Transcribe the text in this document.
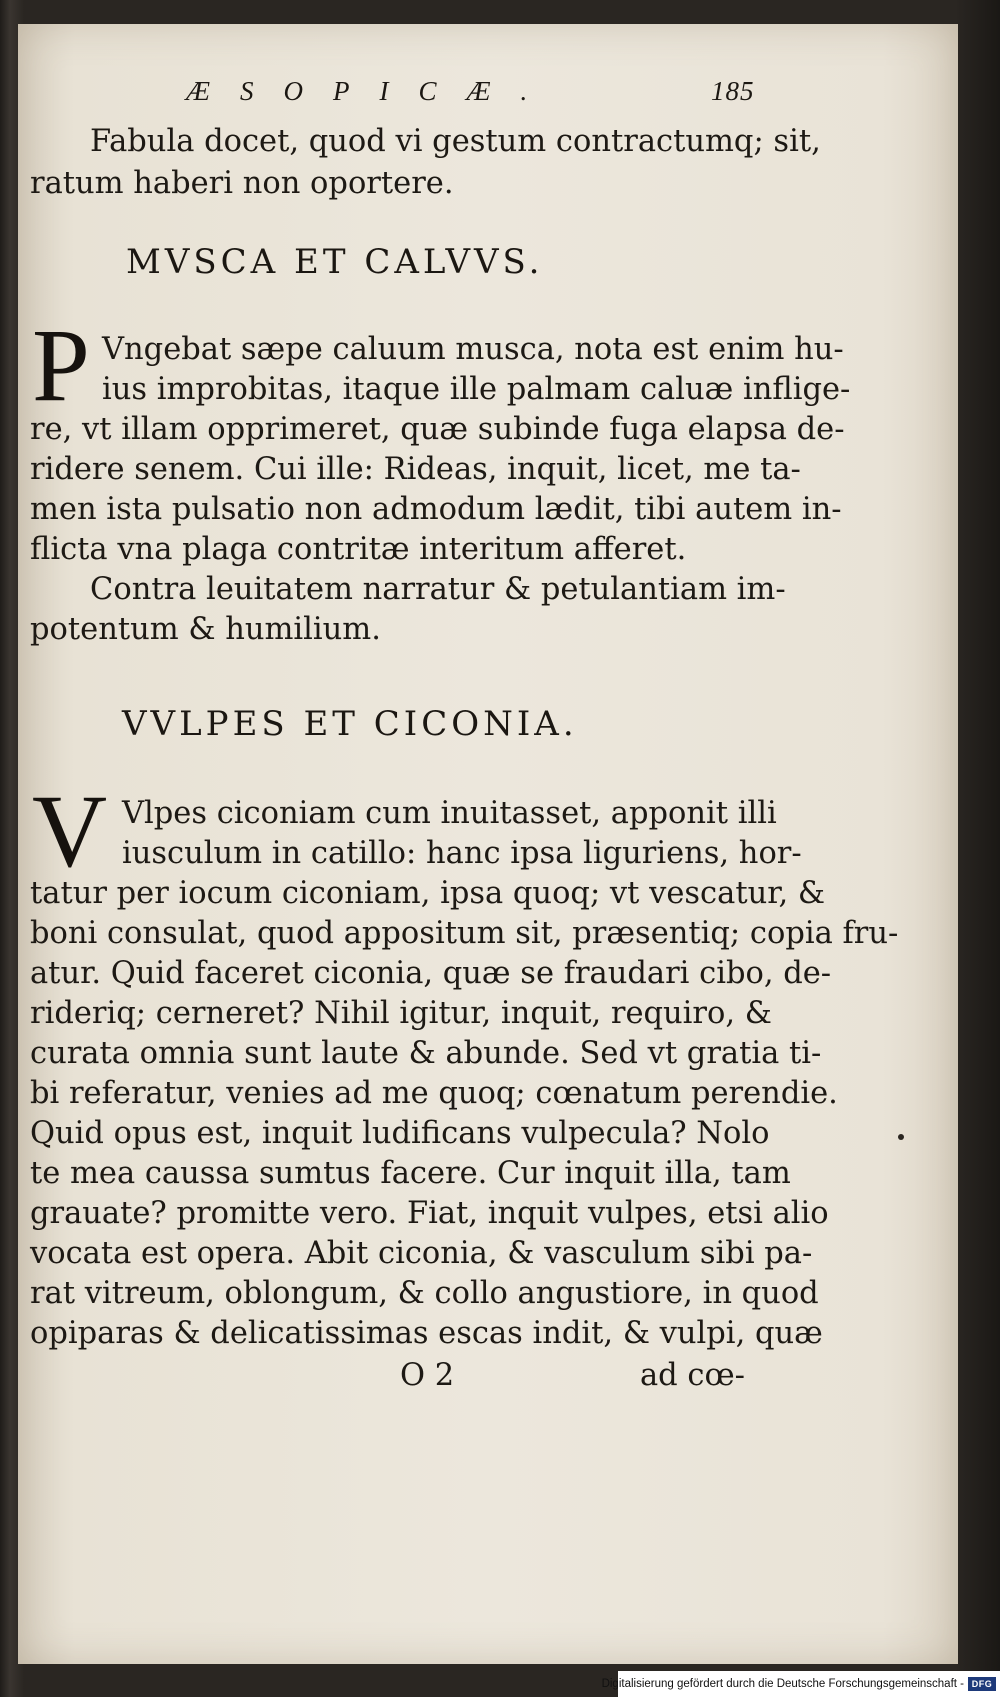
ÆSOPICÆ.	185
Fabula docet, quod vi gestum contractumq; sit,
ratum haberi non oportere.
MVSCA ET CALVVS.
P Vngebat sæpe caluum musca, nota est enim hu-
ius improbitas, itaque ille palmam caluæ inflige-
re, vt illam opprimeret, quæ subinde fuga elapsa de-
ridere senem. Cui ille: Rideas, inquit, licet, me ta-
men ista pulsatio non admodum lædit, tibi autem in-
flicta vna plaga contritæ interitum afferet.
Contra leuitatem narratur & petulantiam im-
potentum & humilium.
VVLPES ET CICONIA.
V Vlpes ciconiam cum inuitasset, apponit illi
iusculum in catillo: hanc ipsa liguriens, hor-
tatur per iocum ciconiam, ipsa quoq; vt vescatur, &
boni consulat, quod appositum sit, præsentiq; copia fru-
atur. Quid faceret ciconia, quæ se fraudari cibo, de-
rideriq; cerneret? Nihil igitur, inquit, requiro, &
curata omnia sunt laute & abunde. Sed vt gratia ti-
bi referatur, venies ad me quoq; cœnatum perendie.
Quid opus est, inquit ludificans vulpecula? Nolo
te mea caussa sumtus facere. Cur inquit illa, tam
grauate? promitte vero. Fiat, inquit vulpes, etsi alio
vocata est opera. Abit ciconia, & vasculum sibi pa-
rat vitreum, oblongum, & collo angustiore, in quod
opiparas & delicatissimas escas indit, & vulpi, quæ
O 2	ad cœ-
Digitalisierung gefördert durch die Deutsche Forschungsgemeinschaft - DFG
